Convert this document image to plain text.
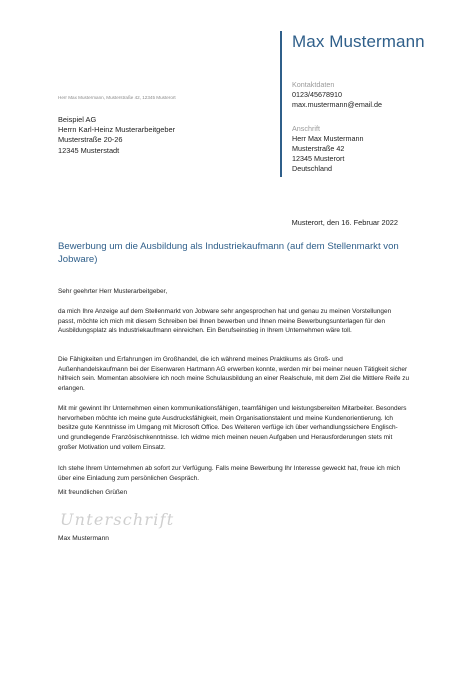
Max Mustermann
Kontaktdaten
0123/45678910
max.mustermann@email.de
Anschrift
Herr Max Mustermann
Musterstraße 42
12345 Musterort
Deutschland
Herr Max Mustermann, Musterstraße 42, 12345 Musterort
Beispiel AG
Herrn Karl-Heinz Musterarbeitgeber
Musterstraße 20-26
12345 Musterstadt
Musterort, den 16. Februar 2022
Bewerbung um die Ausbildung als Industriekaufmann (auf dem Stellenmarkt von Jobware)
Sehr geehrter Herr Musterarbeitgeber,
da mich Ihre Anzeige auf dem Stellenmarkt von Jobware sehr angesprochen hat und genau zu meinen Vorstellungen passt, möchte ich mich mit diesem Schreiben bei Ihnen bewerben und Ihnen meine Bewerbungsunterlagen für den Ausbildungsplatz als Industriekaufmann einreichen. Ein Berufseinstieg in Ihrem Unternehmen wäre toll.
Die Fähigkeiten und Erfahrungen im Großhandel, die ich während meines Praktikums als Groß- und Außenhandelskaufmann bei der Eisenwaren Hartmann AG erwerben konnte, werden mir bei meiner neuen Tätigkeit sicher hilfreich sein. Momentan absolviere ich noch meine Schulausbildung an einer Realschule, mit dem Ziel die Mittlere Reife zu erlangen.
Mit mir gewinnt Ihr Unternehmen einen kommunikationsfähigen, teamfähigen und leistungsbereiten Mitarbeiter. Besonders hervorheben möchte ich meine gute Ausdrucksfähigkeit, mein Organisationstalent und meine Kundenorientierung. Ich besitze gute Kenntnisse im Umgang mit Microsoft Office. Des Weiteren verfüge ich über verhandlungssichere Englisch- und grundlegende Französischkenntnisse. Ich widme mich meinen neuen Aufgaben und Herausforderungen stets mit großer Motivation und vollem Einsatz.
Ich stehe Ihrem Unternehmen ab sofort zur Verfügung. Falls meine Bewerbung Ihr Interesse geweckt hat, freue ich mich über eine Einladung zum persönlichen Gespräch.
Mit freundlichen Grüßen
Unterschrift
Max Mustermann
